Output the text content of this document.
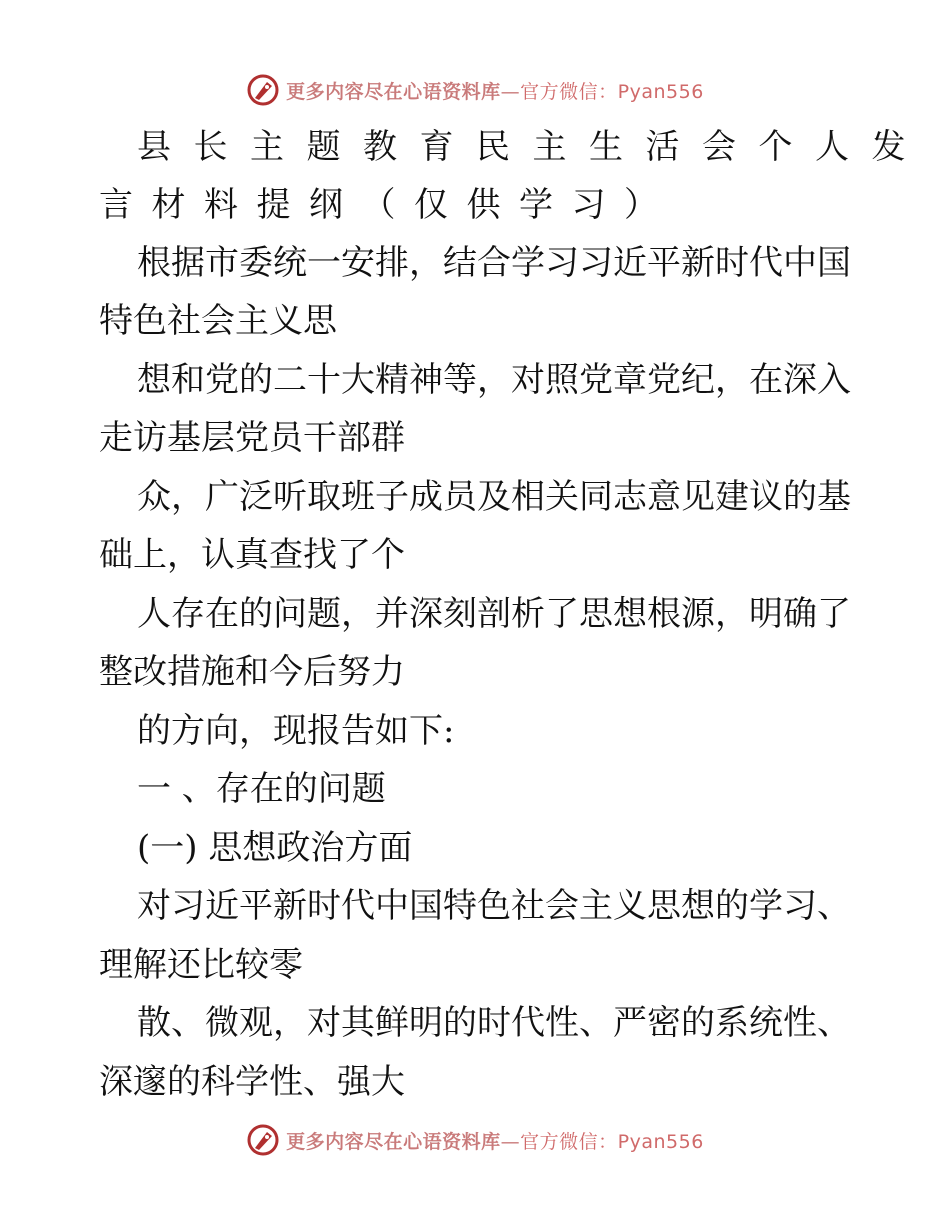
更多内容尽在心语资料库—官方微信：Pyan556
县长主题教育民主生活会个人发
言材料提纲（仅供学习）
根据市委统一安排，结合学习习近平新时代中国
特色社会主义思
想和党的二十大精神等，对照党章党纪，在深入
走访基层党员干部群
众，广泛听取班子成员及相关同志意见建议的基
础上，认真查找了个
人存在的问题，并深刻剖析了思想根源，明确了
整改措施和今后努力
的方向，现报告如下:
一 、存在的问题
(一) 思想政治方面
对习近平新时代中国特色社会主义思想的学习、
理解还比较零
散、微观，对其鲜明的时代性、严密的系统性、
深邃的科学性、强大
更多内容尽在心语资料库—官方微信：Pyan556
